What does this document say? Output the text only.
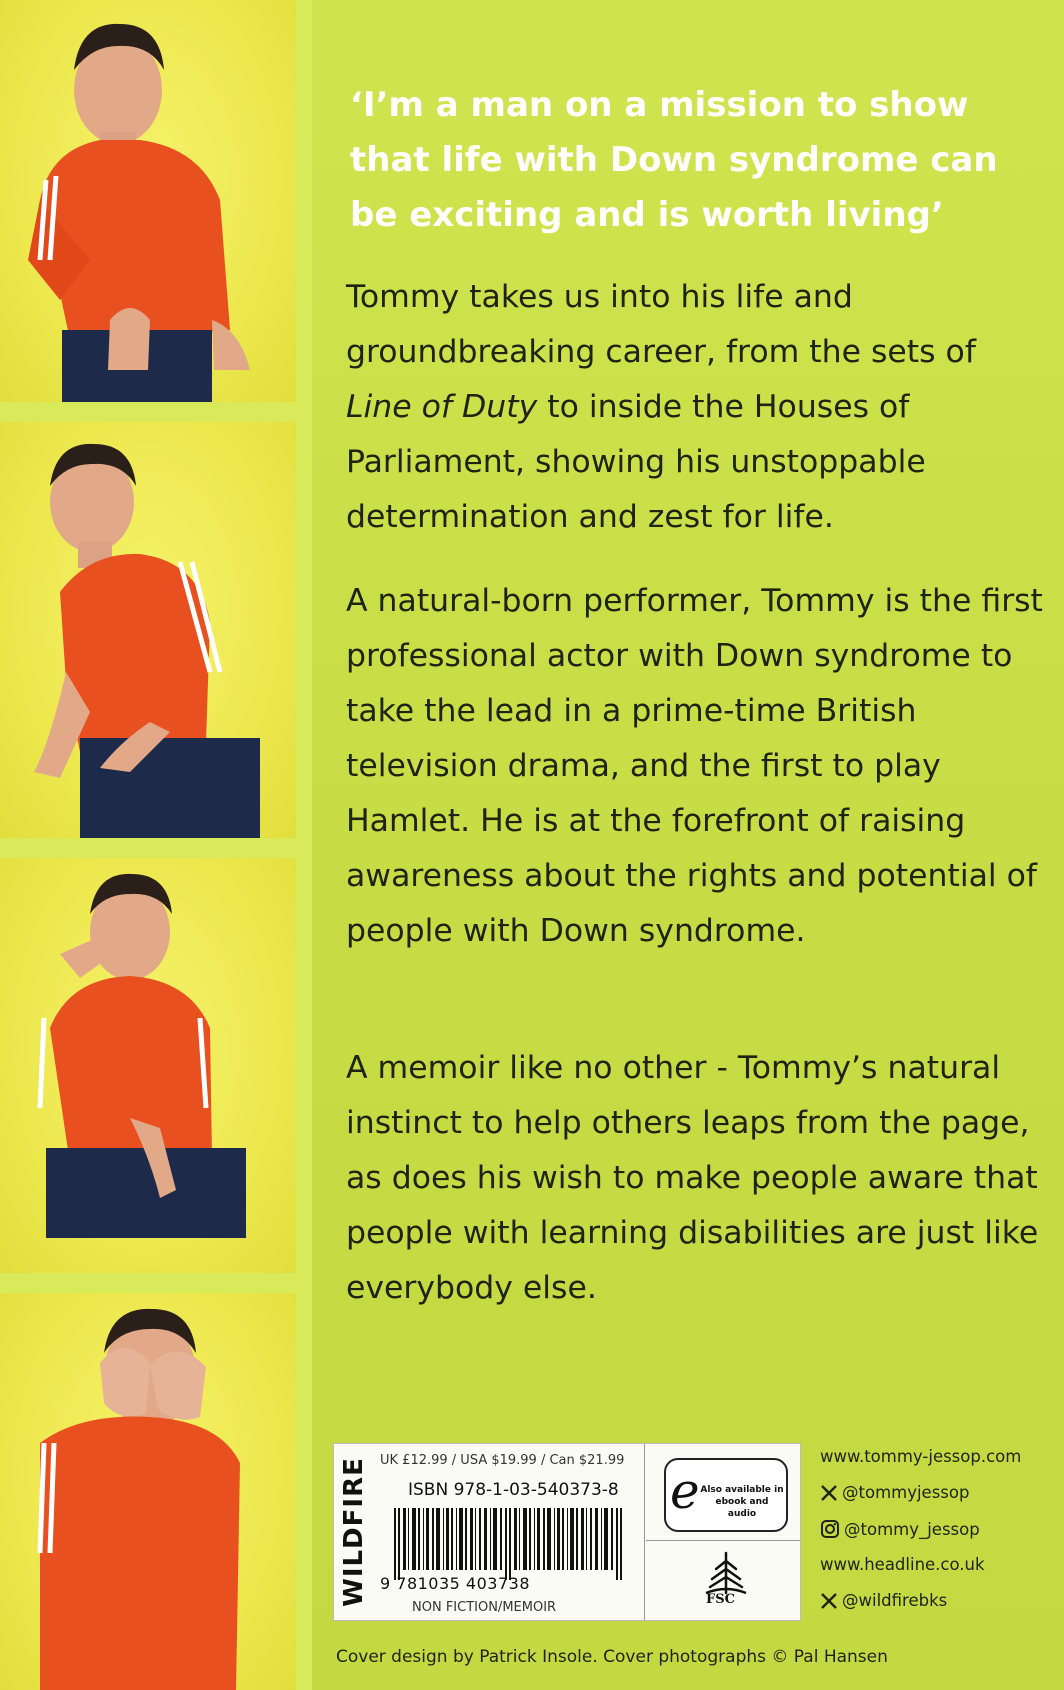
‘I’m a man on a mission to show that life with Down syndrome can be exciting and is worth living’

Tommy takes us into his life and groundbreaking career, from the sets of Line of Duty to inside the Houses of Parliament, showing his unstoppable determination and zest for life.

A natural-born performer, Tommy is the first professional actor with Down syndrome to take the lead in a prime-time British television drama, and the first to play Hamlet. He is at the forefront of raising awareness about the rights and potential of people with Down syndrome.

A memoir like no other - Tommy’s natural instinct to help others leaps from the page, as does his wish to make people aware that people with learning disabilities are just like everybody else.

WILDFIRE UK £12.99 / USA $19.99 / Can $21.99
ISBN 978-1-03-540373-8
9 781035 403738
NON FICTION/MEMOIR
e Also available in ebook and audio
FSC
www.tommy-jessop.com
@tommyjessop
@tommy_jessop
www.headline.co.uk
@wildfirebks
Cover design by Patrick Insole. Cover photographs © Pal Hansen
